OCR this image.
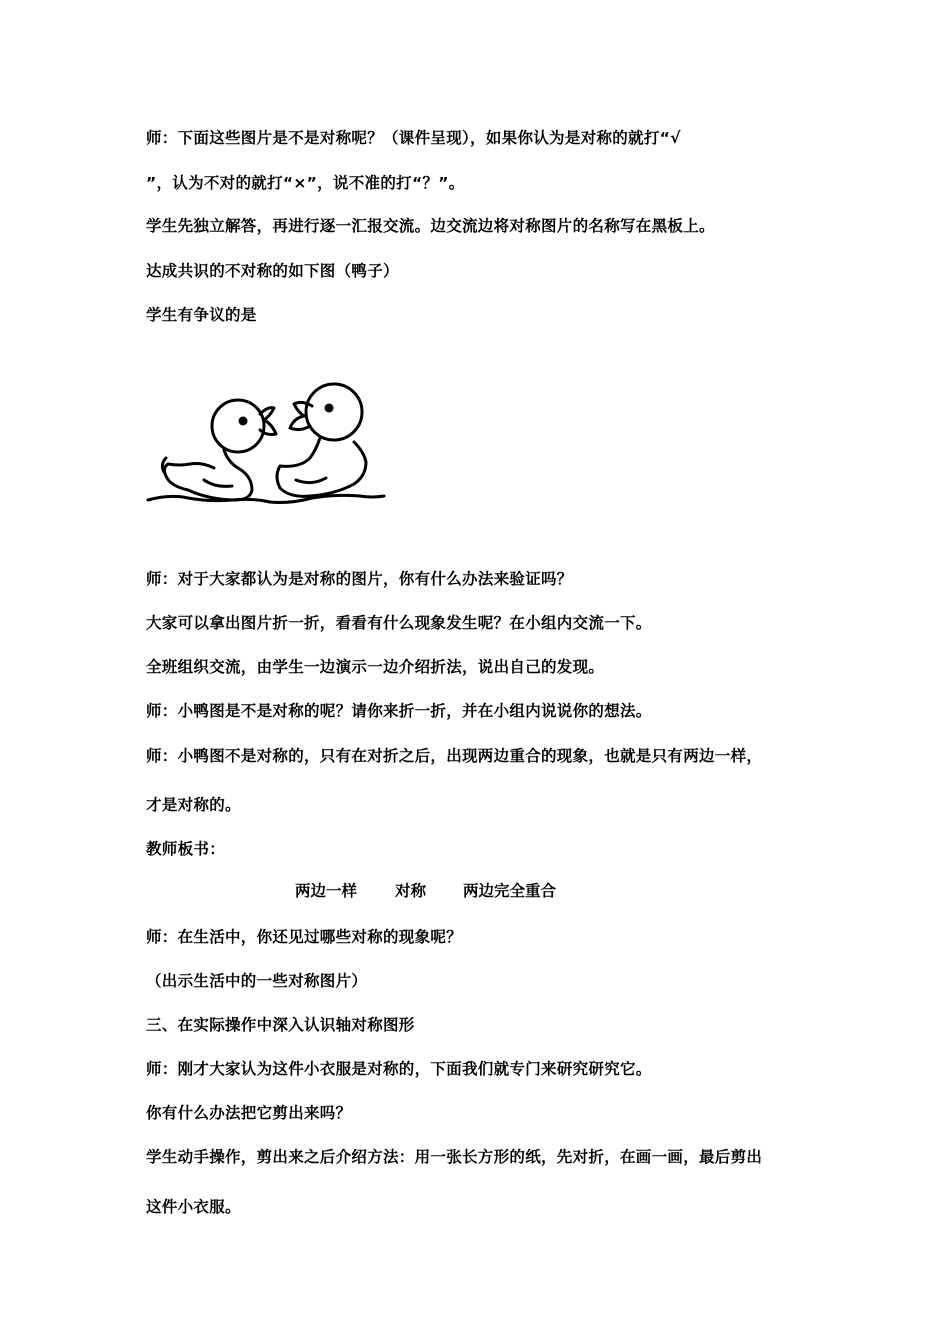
师：下面这些图片是不是对称呢？（课件呈现），如果你认为是对称的就打“√
”，认为不对的就打“×”，说不准的打“？”。
学生先独立解答，再进行逐一汇报交流。边交流边将对称图片的名称写在黑板上。
达成共识的不对称的如下图（鸭子）
学生有争议的是
师：对于大家都认为是对称的图片，你有什么办法来验证吗？
大家可以拿出图片折一折，看看有什么现象发生呢？在小组内交流一下。
全班组织交流，由学生一边演示一边介绍折法，说出自己的发现。
师：小鸭图是不是对称的呢？请你来折一折，并在小组内说说你的想法。
师：小鸭图不是对称的，只有在对折之后，出现两边重合的现象，也就是只有两边一样，
才是对称的。
教师板书：
两边一样 对称 两边完全重合
师：在生活中，你还见过哪些对称的现象呢？
（出示生活中的一些对称图片）
三、在实际操作中深入认识轴对称图形
师：刚才大家认为这件小衣服是对称的，下面我们就专门来研究研究它。
你有什么办法把它剪出来吗？
学生动手操作，剪出来之后介绍方法：用一张长方形的纸，先对折，在画一画，最后剪出
这件小衣服。
